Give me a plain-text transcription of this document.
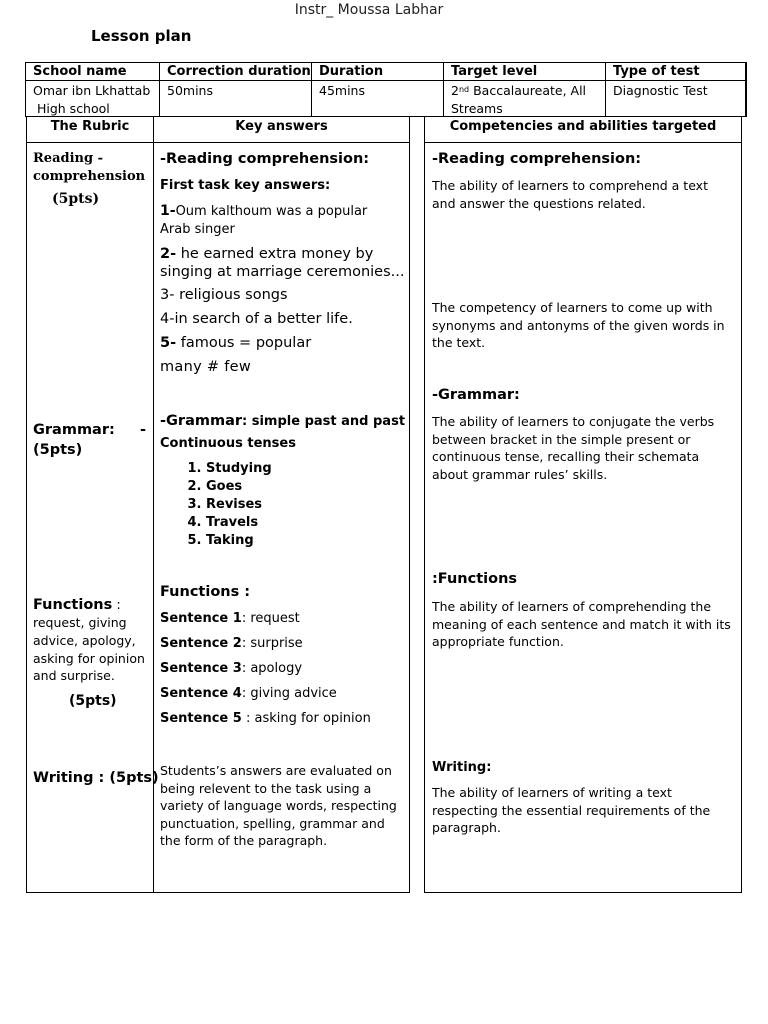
Instr_ Moussa Labhar
Lesson plan
School name
Omar ibn Lkhattab
High school
Correction duration
50mins
Duration
45mins
Target level
2nd Baccalaureate, All
Streams
Type of test
Diagnostic Test
The Rubric
Reading -
comprehension
(5pts)
Grammar:     -
(5pts)
Functions :
request, giving advice, apology, asking for opinion and surprise.
(5pts)
Writing : (5pts)
Key answers
-Reading comprehension:
First task key answers:
1-Oum kalthoum was a popular Arab singer
2- he earned extra money by
singing at marriage ceremonies...
3- religious songs
4-in search of a better life.
5- famous = popular
many # few
-Grammar: simple past and past
Continuous tenses
1. Studying
2. Goes
3. Revises
4. Travels
5. Taking
Functions :
Sentence 1: request
Sentence 2: surprise
Sentence 3: apology
Sentence 4: giving advice
Sentence 5 : asking for opinion
Students’s answers are evaluated on being relevent to the task using a variety of language words, respecting punctuation, spelling, grammar and the form of the paragraph.
Competencies and abilities targeted
-Reading comprehension:
The ability of learners to comprehend a text and answer the questions related.
The competency of learners to come up with synonyms and antonyms of the given words in the text.
-Grammar:
The ability of learners to conjugate the verbs between bracket in the simple present or continuous tense, recalling their schemata about grammar rules’ skills.
:Functions
The ability of learners of comprehending the meaning of each sentence and match it with its appropriate function.
Writing:
The ability of learners of writing a text respecting the essential requirements of the paragraph.
